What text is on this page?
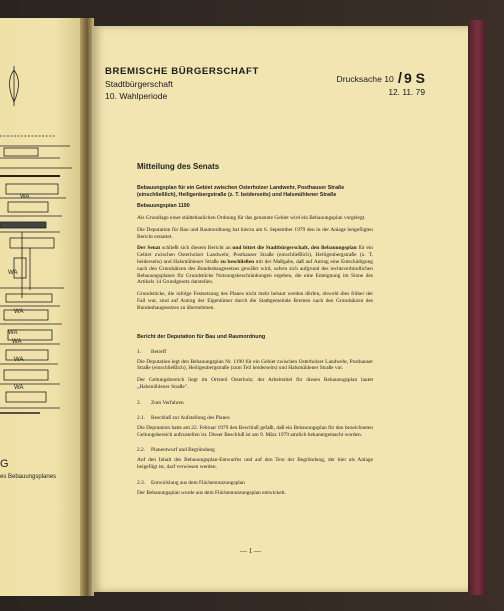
WA
WA
WA
WA
WA
WA
WA
G
es Bebauungsplanes
BREMISCHE BÜRGERSCHAFT
Stadtbürgerschaft
10. Wahlperiode
Drucksache 10 / 9 S
12. 11. 79
Mitteilung des Senats

Bebauungsplan für ein Gebiet zwischen Osterholzer Landwehr, Posthauser Straße (einschließlich), Heiligenbergstraße (z. T. beiderseits) und Halsmühlener Straße

Bebauungsplan 1190

Als Grundlage einer städtebaulichen Ordnung für das genannte Gebiet wird ein Bebauungsplan vorgelegt.

Die Deputation für Bau und Raumordnung hat hierzu am 6. September 1979 den in der Anlage beigefügten Bericht erstattet.

Der Senat schließt sich diesem Bericht an und bittet die Stadtbürgerschaft, den Bebauungsplan für ein Gebiet zwischen Osterholzer Landwehr, Posthauser Straße (einschließlich), Heiligenbergstraße (z. T. beiderseits) und Halsmühlener Straße zu beschließen mit der Maßgabe, daß auf Antrag eine Entschädigung nach den Grundsätzen des Bundesbaugesetzes gewährt wird, sofern sich aufgrund des rechtsverbindlichen Bebauungsplanes für Grundstücke Nutzungsbeschränkungen ergeben, die eine Enteignung im Sinne des Artikels 14 Grundgesetz darstellen.

Grundstücke, die infolge Festsetzung des Planes nicht mehr bebaut werden dürfen, obwohl dies früher der Fall war, sind auf Antrag der Eigentümer durch die Stadtgemeinde Bremen nach den Grundsätzen des Bundesbaugesetzes zu übernehmen.

Bericht der Deputation für Bau und Raumordnung

1. Betreff

Die Deputation legt den Bebauungsplan Nr. 1190 für ein Gebiet zwischen Osterholzer Landwehr, Posthauser Straße (einschließlich), Heiligenbergstraße (zum Teil beiderseits) und Halsmühlener Straße vor.

Der Geltungsbereich liegt im Ortsteil Osterholz; der Arbeitstitel für diesen Bebauungsplan lautet „Halsmühlener Straße".

2. Zum Verfahren

2.1. Beschluß zur Aufstellung des Planes

Die Deputation hatte am 22. Februar 1979 den Beschluß gefaßt, daß ein Bebauungsplan für den bezeichneten Geltungsbereich aufzustellen ist. Dieser Beschluß ist am 9. März 1979 amtlich bekanntgemacht worden.

2.2. Planentwurf und Begründung

Auf den Inhalt des Bebauungsplan-Entwurfes und auf den Text der Begründung, der hier als Anlage beigefügt ist, darf verwiesen werden.

2.3. Entwicklung aus dem Flächennutzungsplan

Der Bebauungsplan wurde aus dem Flächennutzungsplan entwickelt.

— 1 —
